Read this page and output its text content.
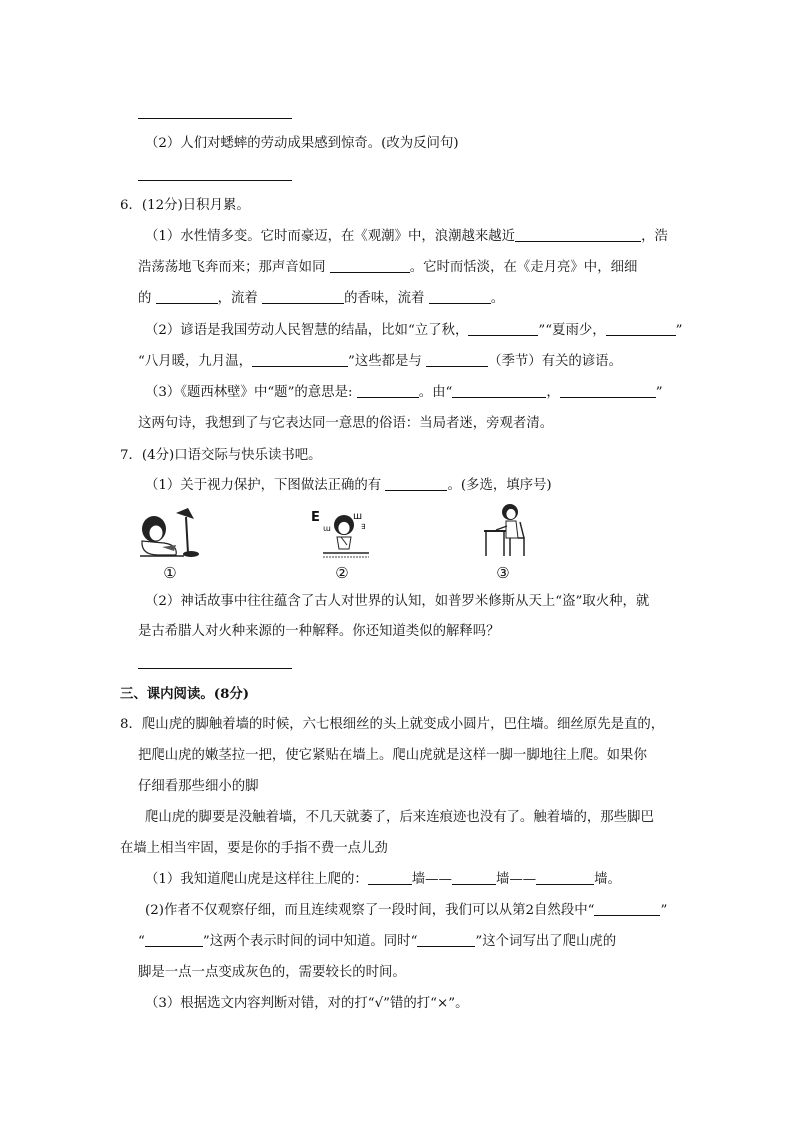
（2）人们对蟋蟀的劳动成果感到惊奇。(改为反问句)
6．(12分)日积月累。
（1）水性情多变。它时而豪迈，在《观潮》中，浪潮越来越近	，浩
浩荡荡地飞奔而来；那声音如同	。它时而恬淡，在《走月亮》中，细细
的	，流着	的香味，流着	。
（2）谚语是我国劳动人民智慧的结晶，比如“立了秋，	”“夏雨少，	”
“八月暖，九月温，	”这些都是与	（季节）有关的谚语。
（3）《题西林壁》中“题”的意思是:	。由“	，	”
这两句诗，我想到了与它表达同一意思的俗语：当局者迷，旁观者清。
7．(4分)口语交际与快乐读书吧。
（1）关于视力保护，下图做法正确的有	。(多选，填序号)
①
E	ш
ɯ	∃
②	③
（2）神话故事中往往蕴含了古人对世界的认知，如普罗米修斯从天上“盗”取火种，就
是古希腊人对火种来源的一种解释。你还知道类似的解释吗？
三、课内阅读。(8分)
8．爬山虎的脚触着墙的时候，六七根细丝的头上就变成小圆片，巴住墙。细丝原先是直的，
把爬山虎的嫩茎拉一把，使它紧贴在墙上。爬山虎就是这样一脚一脚地往上爬。如果你
仔细看那些细小的脚
爬山虎的脚要是没触着墙，不几天就萎了，后来连痕迹也没有了。触着墙的，那些脚巴
在墙上相当牢固，要是你的手指不费一点儿劲
（1）我知道爬山虎是这样往上爬的：	墙——	墙——	墙。
(2)作者不仅观察仔细，而且连续观察了一段时间，我们可以从第2自然段中“	”
“	”这两个表示时间的词中知道。同时“	”这个词写出了爬山虎的
脚是一点一点变成灰色的，需要较长的时间。
（3）根据选文内容判断对错，对的打“√”错的打“×”。
